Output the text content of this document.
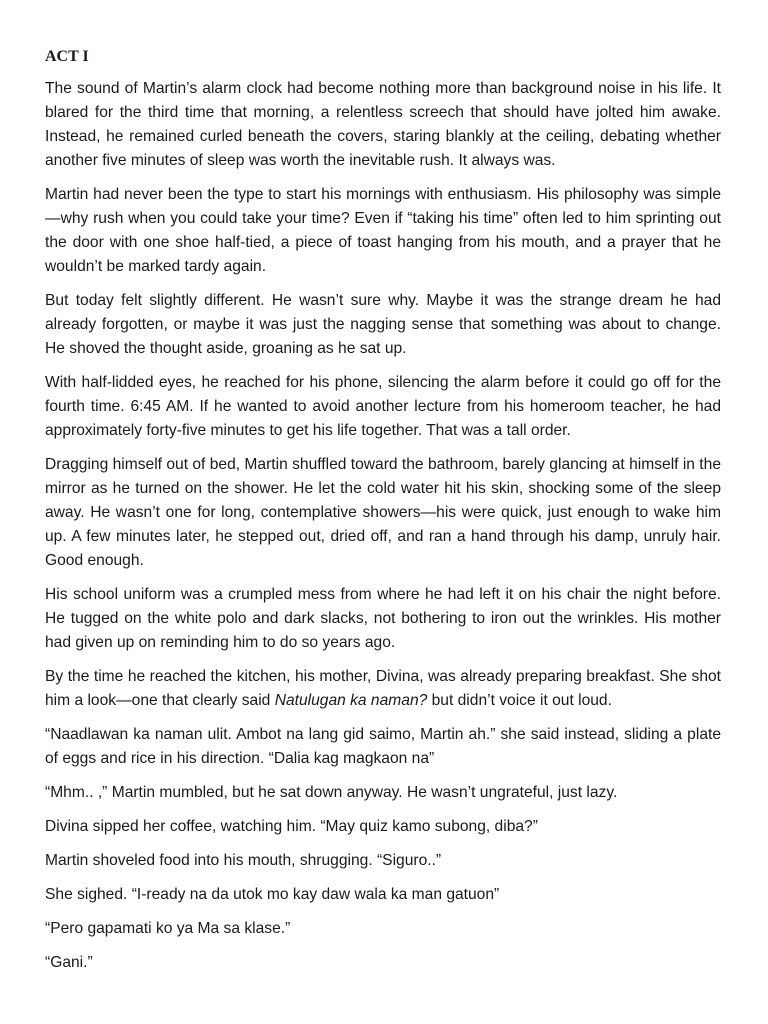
ACT I

The sound of Martin’s alarm clock had become nothing more than background noise in his life. It blared for the third time that morning, a relentless screech that should have jolted him awake. Instead, he remained curled beneath the covers, staring blankly at the ceiling, debating whether another five minutes of sleep was worth the inevitable rush. It always was.

Martin had never been the type to start his mornings with enthusiasm. His philosophy was simple—why rush when you could take your time? Even if “taking his time” often led to him sprinting out the door with one shoe half-tied, a piece of toast hanging from his mouth, and a prayer that he wouldn’t be marked tardy again.

But today felt slightly different. He wasn’t sure why. Maybe it was the strange dream he had already forgotten, or maybe it was just the nagging sense that something was about to change. He shoved the thought aside, groaning as he sat up.

With half-lidded eyes, he reached for his phone, silencing the alarm before it could go off for the fourth time. 6:45 AM. If he wanted to avoid another lecture from his homeroom teacher, he had approximately forty-five minutes to get his life together. That was a tall order.

Dragging himself out of bed, Martin shuffled toward the bathroom, barely glancing at himself in the mirror as he turned on the shower. He let the cold water hit his skin, shocking some of the sleep away. He wasn’t one for long, contemplative showers—his were quick, just enough to wake him up. A few minutes later, he stepped out, dried off, and ran a hand through his damp, unruly hair. Good enough.

His school uniform was a crumpled mess from where he had left it on his chair the night before. He tugged on the white polo and dark slacks, not bothering to iron out the wrinkles. His mother had given up on reminding him to do so years ago.

By the time he reached the kitchen, his mother, Divina, was already preparing breakfast. She shot him a look—one that clearly said Natulugan ka naman? but didn’t voice it out loud.

“Naadlawan ka naman ulit. Ambot na lang gid saimo, Martin ah.” she said instead, sliding a plate of eggs and rice in his direction. “Dalia kag magkaon na”

“Mhm.. ,” Martin mumbled, but he sat down anyway. He wasn’t ungrateful, just lazy.

Divina sipped her coffee, watching him. “May quiz kamo subong, diba?”

Martin shoveled food into his mouth, shrugging. “Siguro..”

She sighed. “I-ready na da utok mo kay daw wala ka man gatuon”

“Pero gapamati ko ya Ma sa klase.”

“Gani.”
